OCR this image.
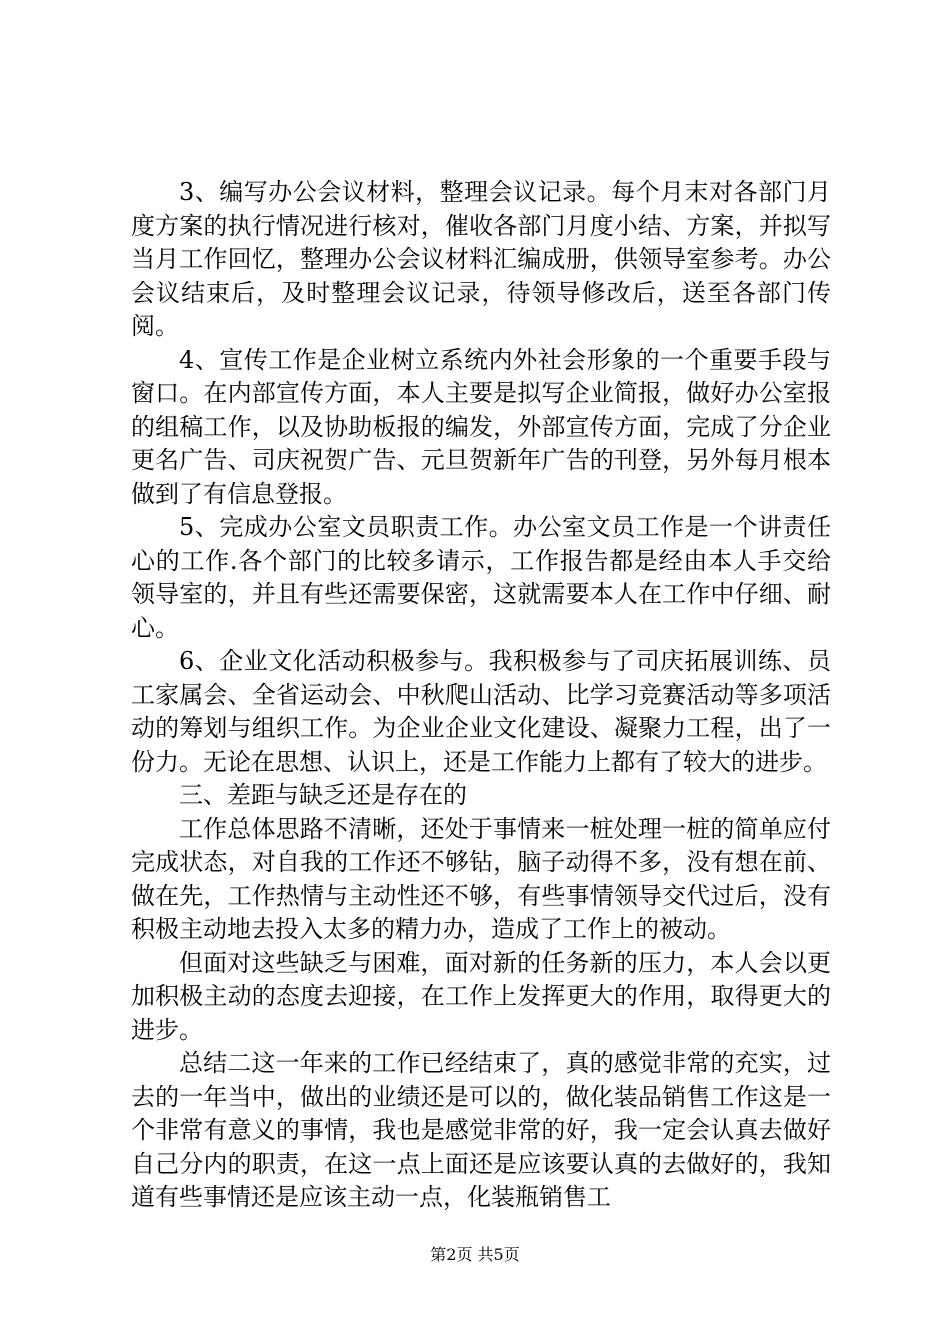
3、编写办公会议材料，整理会议记录。每个月末对各部门月度方案的执行情况进行核对，催收各部门月度小结、方案，并拟写当月工作回忆，整理办公会议材料汇编成册，供领导室参考。办公会议结束后，及时整理会议记录，待领导修改后，送至各部门传阅。

4、宣传工作是企业树立系统内外社会形象的一个重要手段与窗口。在内部宣传方面，本人主要是拟写企业简报，做好办公室报的组稿工作，以及协助板报的编发，外部宣传方面，完成了分企业更名广告、司庆祝贺广告、元旦贺新年广告的刊登，另外每月根本做到了有信息登报。

5、完成办公室文员职责工作。办公室文员工作是一个讲责任心的工作.各个部门的比较多请示，工作报告都是经由本人手交给领导室的，并且有些还需要保密，这就需要本人在工作中仔细、耐心。

6、企业文化活动积极参与。我积极参与了司庆拓展训练、员工家属会、全省运动会、中秋爬山活动、比学习竞赛活动等多项活动的筹划与组织工作。为企业企业文化建设、凝聚力工程，出了一份力。无论在思想、认识上，还是工作能力上都有了较大的进步。

三、差距与缺乏还是存在的

工作总体思路不清晰，还处于事情来一桩处理一桩的简单应付完成状态，对自我的工作还不够钻，脑子动得不多，没有想在前、做在先，工作热情与主动性还不够，有些事情领导交代过后，没有积极主动地去投入太多的精力办，造成了工作上的被动。

但面对这些缺乏与困难，面对新的任务新的压力，本人会以更加积极主动的态度去迎接，在工作上发挥更大的作用，取得更大的进步。

总结二这一年来的工作已经结束了，真的感觉非常的充实，过去的一年当中，做出的业绩还是可以的，做化装品销售工作这是一个非常有意义的事情，我也是感觉非常的好，我一定会认真去做好自己分内的职责，在这一点上面还是应该要认真的去做好的，我知道有些事情还是应该主动一点，化装瓶销售工

第2页 共5页
